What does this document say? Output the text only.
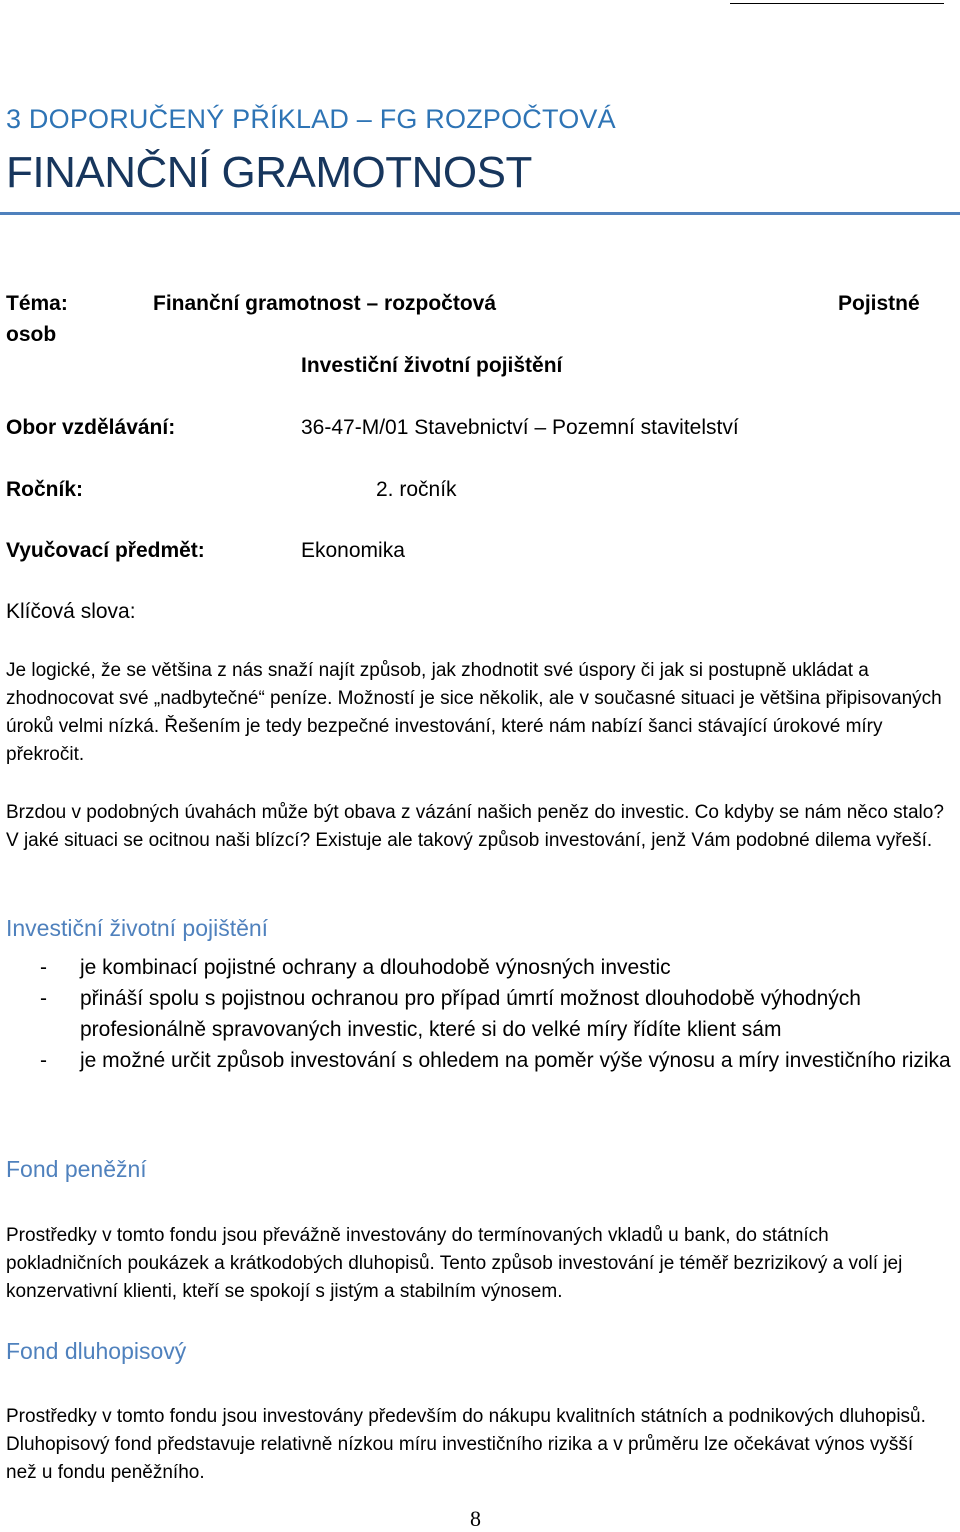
3 DOPORUČENÝ PŘÍKLAD – FG ROZPOČTOVÁ
FINANČNÍ GRAMOTNOST
Téma:	Finanční gramotnost – rozpočtová	Pojistné
osob
Investiční životní pojištění
Obor vzdělávání:	36-47-M/01 Stavebnictví – Pozemní stavitelství
Ročník:	2. ročník
Vyučovací předmět:	Ekonomika
Klíčová slova:

Je logické, že se většina z nás snaží najít způsob, jak zhodnotit své úspory či jak si postupně ukládat a zhodnocovat své „nadbytečné“ peníze. Možností je sice několik, ale v současné situaci je většina připisovaných úroků velmi nízká. Řešením je tedy bezpečné investování, které nám nabízí šanci stávající úrokové míry překročit.

Brzdou v podobných úvahách může být obava z vázání našich peněz do investic. Co kdyby se nám něco stalo? V jaké situaci se ocitnou naši blízcí? Existuje ale takový způsob investování, jenž Vám podobné dilema vyřeší.

Investiční životní pojištění
-	je kombinací pojistné ochrany a dlouhodobě výnosných investic
-	přináší spolu s pojistnou ochranou pro případ úmrtí možnost dlouhodobě výhodných profesionálně spravovaných investic, které si do velké míry řídíte klient sám
-	je možné určit způsob investování s ohledem na poměr výše výnosu a míry investičního rizika
Fond peněžní

Prostředky v tomto fondu jsou převážně investovány do termínovaných vkladů u bank, do státních pokladničních poukázek a krátkodobých dluhopisů. Tento způsob investování je téměř bezrizikový a volí jej konzervativní klienti, kteří se spokojí s jistým a stabilním výnosem.

Fond dluhopisový

Prostředky v tomto fondu jsou investovány především do nákupu kvalitních státních a podnikových dluhopisů. Dluhopisový fond představuje relativně nízkou míru investičního rizika a v průměru lze očekávat výnos vyšší než u fondu peněžního.

8
